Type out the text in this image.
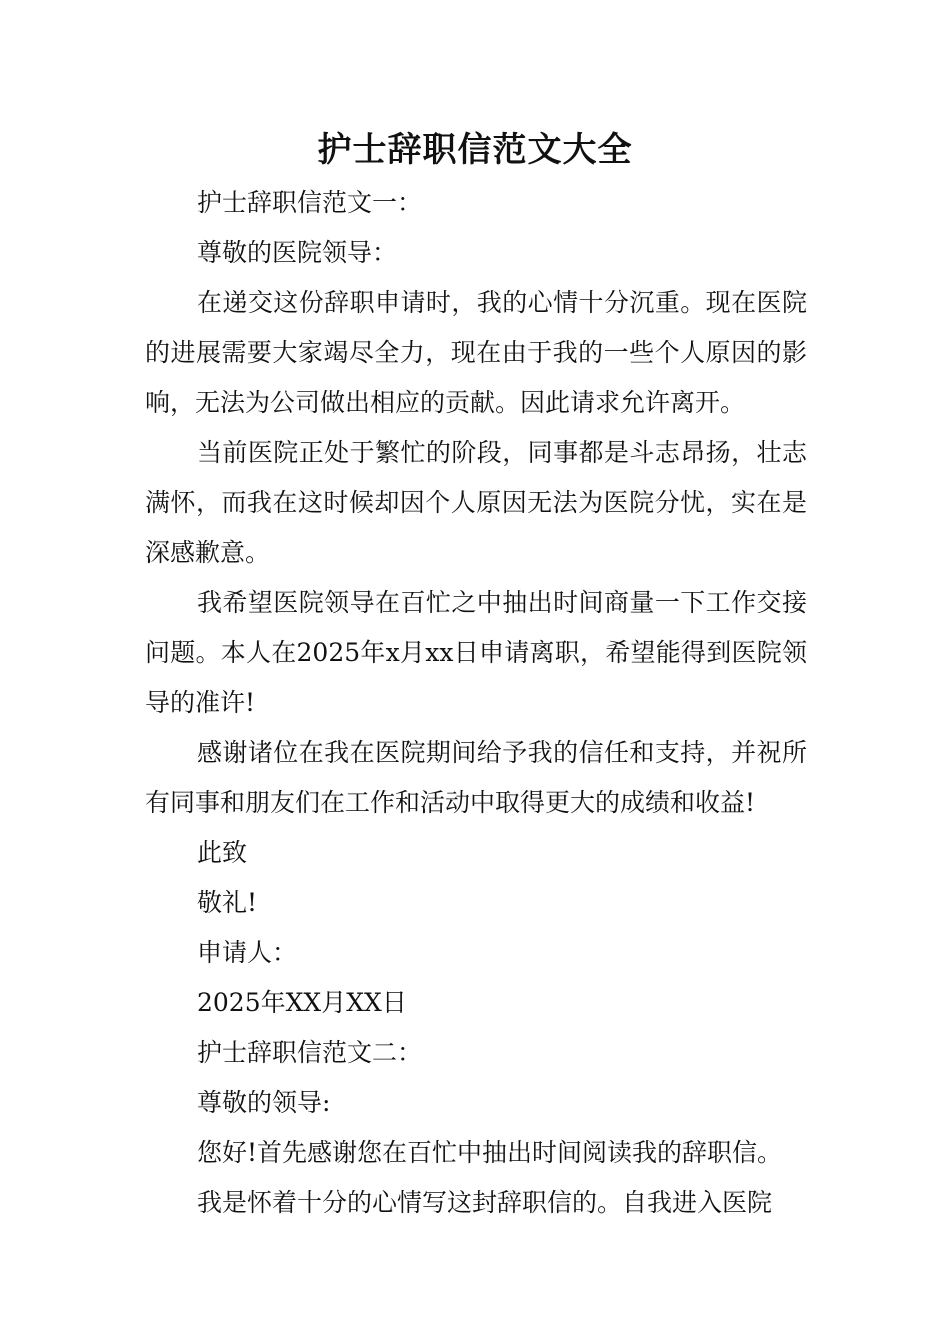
护士辞职信范文大全

护士辞职信范文一：

尊敬的医院领导：

在递交这份辞职申请时，我的心情十分沉重。现在医院的进展需要大家竭尽全力，现在由于我的一些个人原因的影响，无法为公司做出相应的贡献。因此请求允许离开。

当前医院正处于繁忙的阶段，同事都是斗志昂扬，壮志满怀，而我在这时候却因个人原因无法为医院分忧，实在是深感歉意。

我希望医院领导在百忙之中抽出时间商量一下工作交接问题。本人在2025年x月xx日申请离职，希望能得到医院领导的准许!

感谢诸位在我在医院期间给予我的信任和支持，并祝所有同事和朋友们在工作和活动中取得更大的成绩和收益!

此致

敬礼!

申请人：

2025年XX月XX日

护士辞职信范文二：

尊敬的领导:

您好!首先感谢您在百忙中抽出时间阅读我的辞职信。

我是怀着十分的心情写这封辞职信的。自我进入医院
